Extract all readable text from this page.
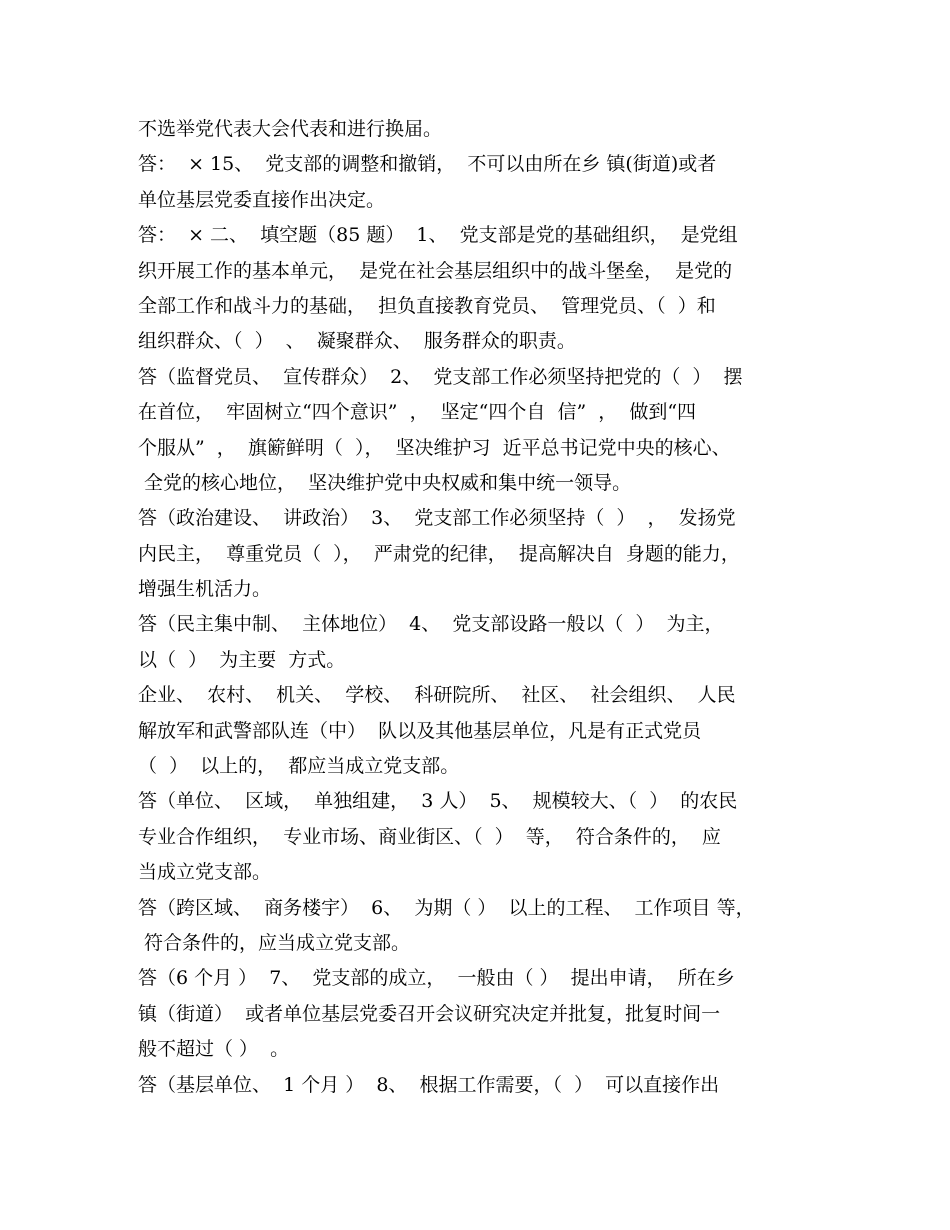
不选举党代表大会代表和进行换届。
答：  × 15、  党支部的调整和撤销，  不可以由所在乡 镇(街道)或者
单位基层党委直接作出决定。
答：  × 二、  填空题（85 题）  1、  党支部是党的基础组织，  是党组
织开展工作的基本单元，  是党在社会基层组织中的战斗堡垒，  是党的
全部工作和战斗力的基础，  担负直接教育党员、  管理党员、（  ）和
组织群众、（  ）  、  凝聚群众、  服务群众的职责。
答（监督党员、  宣传群众）  2、  党支部工作必须坚持把党的（  ）  摆
在首位，  牢固树立“四个意识”  ，  坚定“四个自  信”  ，  做到“四
个服从”  ，  旗簖鲜明（  ），  坚决维护习  近平总书记党中央的核心、
全党的核心地位，  坚决维护党中央权威和集中统一领导。
答（政治建设、  讲政治）  3、  党支部工作必须坚持（  ）  ，  发扬党
内民主，  尊重党员（  ），  严肃党的纪律，  提高解决自  身题的能力，
增强生机活力。
答（民主集中制、  主体地位）  4、  党支部设路一般以（  ）  为主，
以（  ）  为主要  方式。
企业、  农村、  机关、  学校、  科研院所、  社区、  社会组织、  人民
解放军和武警部队连（中）  队以及其他基层单位，凡是有正式党员
（  ）  以上的，  都应当成立党支部。
答（单位、  区域，  单独组建，  3 人）  5、  规模较大、（  ）  的农民
专业合作组织，  专业市场、商业街区、（  ）  等，  符合条件的，  应
当成立党支部。
答（跨区域、  商务楼宇）  6、  为期（ ）  以上的工程、  工作项目 等，
符合条件的，应当成立党支部。
答（6 个月 ）  7、  党支部的成立，  一般由（ ）  提出申请，  所在乡
镇（街道）  或者单位基层党委召开会议研究决定并批复，批复时间一
般不超过（ ）  。
答（基层单位、  1 个月 ）  8、  根据工作需要，（  ）  可以直接作出
